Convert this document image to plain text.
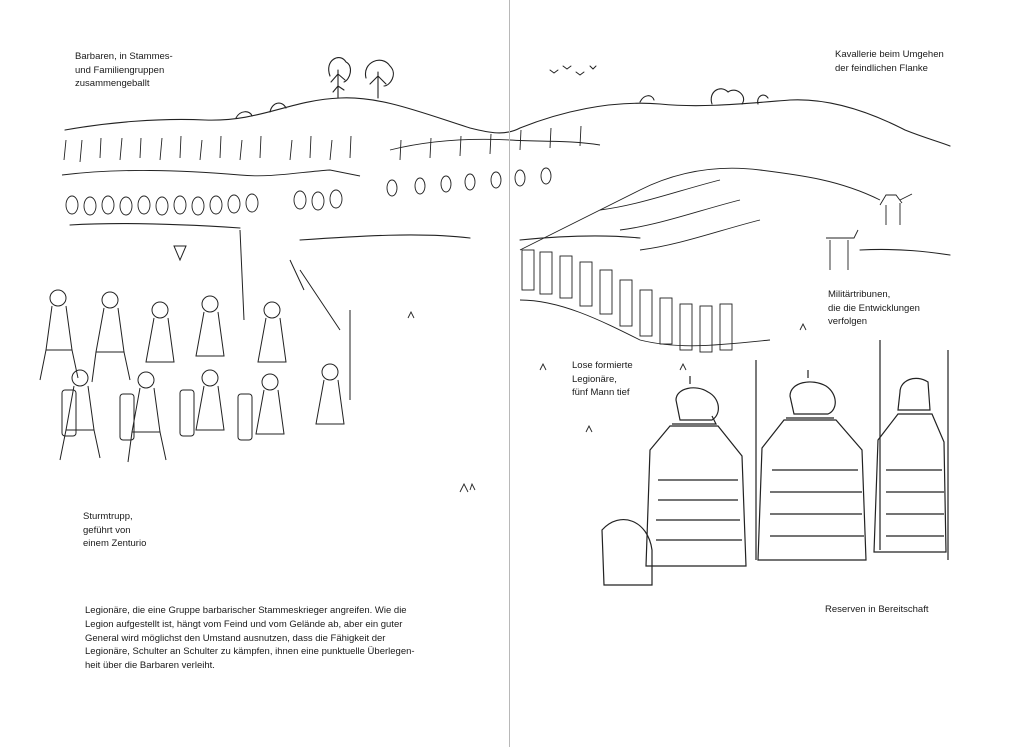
Barbaren, in Stammes-
und Familiengruppen
zusammengeballt
Kavallerie beim Umgehen
der feindlichen Flanke
Militärtribunen,
die die Entwicklungen
verfolgen
Lose formierte
Legionäre,
fünf Mann tief
Sturmtrupp,
geführt von
einem Zenturio
Reserven in Bereitschaft
Legionäre, die eine Gruppe barbarischer Stammeskrieger angreifen. Wie die
Legion aufgestellt ist, hängt vom Feind und vom Gelände ab, aber ein guter
General wird möglichst den Umstand ausnutzen, dass die Fähigkeit der
Legionäre, Schulter an Schulter zu kämpfen, ihnen eine punktuelle Überlegen-
heit über die Barbaren verleiht.
